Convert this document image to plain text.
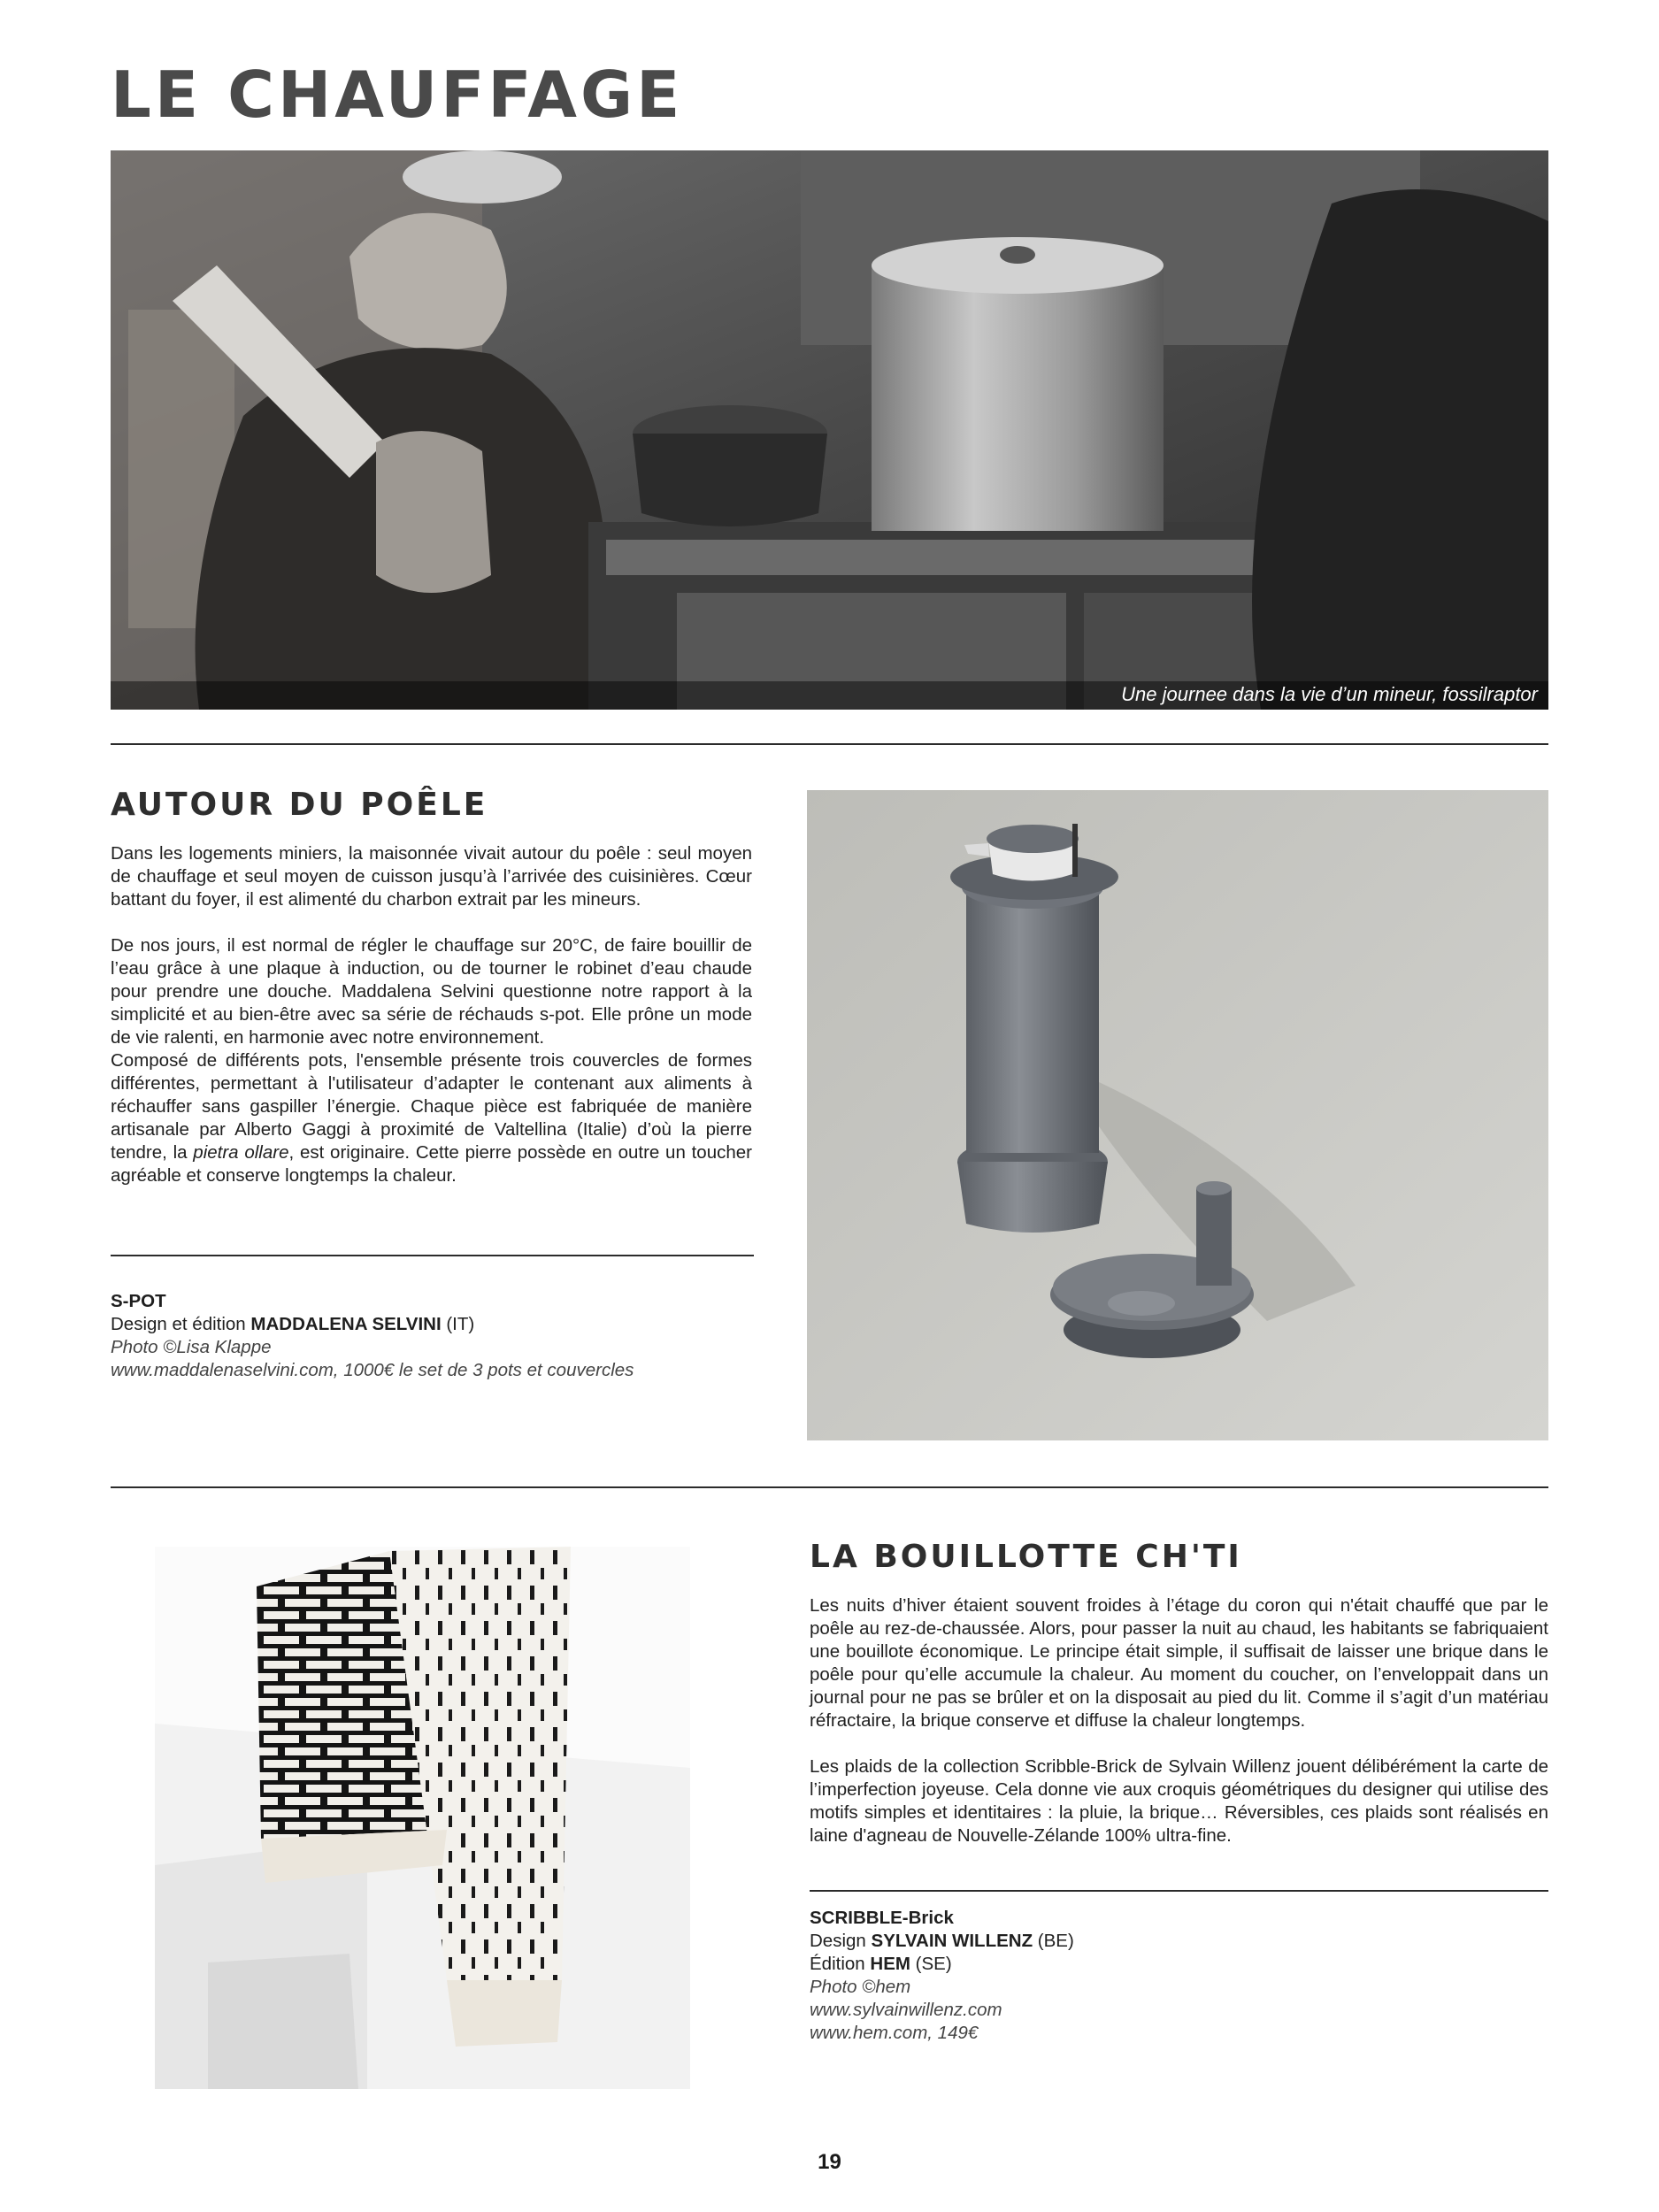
LE CHAUFFAGE
Une journee dans la vie d’un mineur, fossilraptor
AUTOUR DU POÊLE

Dans les logements miniers, la maisonnée vivait autour du poêle : seul moyen de chauffage et seul moyen de cuisson jusqu’à l’arrivée des cuisinières. Cœur battant du foyer, il est alimenté du charbon extrait par les mineurs.

De nos jours, il est normal de régler le chauffage sur 20°C, de faire bouillir de l’eau grâce à une plaque à induction, ou de tourner le robinet d’eau chaude pour prendre une douche. Maddalena Selvini questionne notre rapport à la simplicité et au bien-être avec sa série de réchauds s-pot. Elle prône un mode de vie ralenti, en harmonie avec notre environnement.

Composé de différents pots, l'ensemble présente trois couvercles de formes différentes, permettant à l'utilisateur d’adapter le contenant aux aliments à réchauffer sans gaspiller l’énergie. Chaque pièce est fabriquée de manière artisanale par Alberto Gaggi à proximité de Valtellina (Italie) d’où la pierre tendre, la pietra ollare, est originaire. Cette pierre possède en outre un toucher agréable et conserve longtemps la chaleur.

S-POT
Design et édition MADDALENA SELVINI (IT)
Photo ©Lisa Klappe
www.maddalenaselvini.com, 1000€ le set de 3 pots et couvercles
LA BOUILLOTTE CH'TI

Les nuits d’hiver étaient souvent froides à l’étage du coron qui n'était chauffé que par le poêle au rez-de-chaussée. Alors, pour passer la nuit au chaud, les habitants se fabriquaient une bouillote économique. Le principe était simple, il suffisait de laisser une brique dans le poêle pour qu’elle accumule la chaleur. Au moment du coucher, on l’enveloppait dans un journal pour ne pas se brûler et on la disposait au pied du lit. Comme il s’agit d’un matériau réfractaire, la brique conserve et diffuse la chaleur longtemps.

Les plaids de la collection Scribble-Brick de Sylvain Willenz jouent délibérément la carte de l’imperfection joyeuse. Cela donne vie aux croquis géométriques du designer qui utilise des motifs simples et identitaires : la pluie, la brique… Réversibles, ces plaids sont réalisés en laine d'agneau de Nouvelle-Zélande 100% ultra-fine.

SCRIBBLE-Brick
Design SYLVAIN WILLENZ (BE)
Édition HEM (SE)
Photo ©hem
www.sylvainwillenz.com
www.hem.com, 149€
19
